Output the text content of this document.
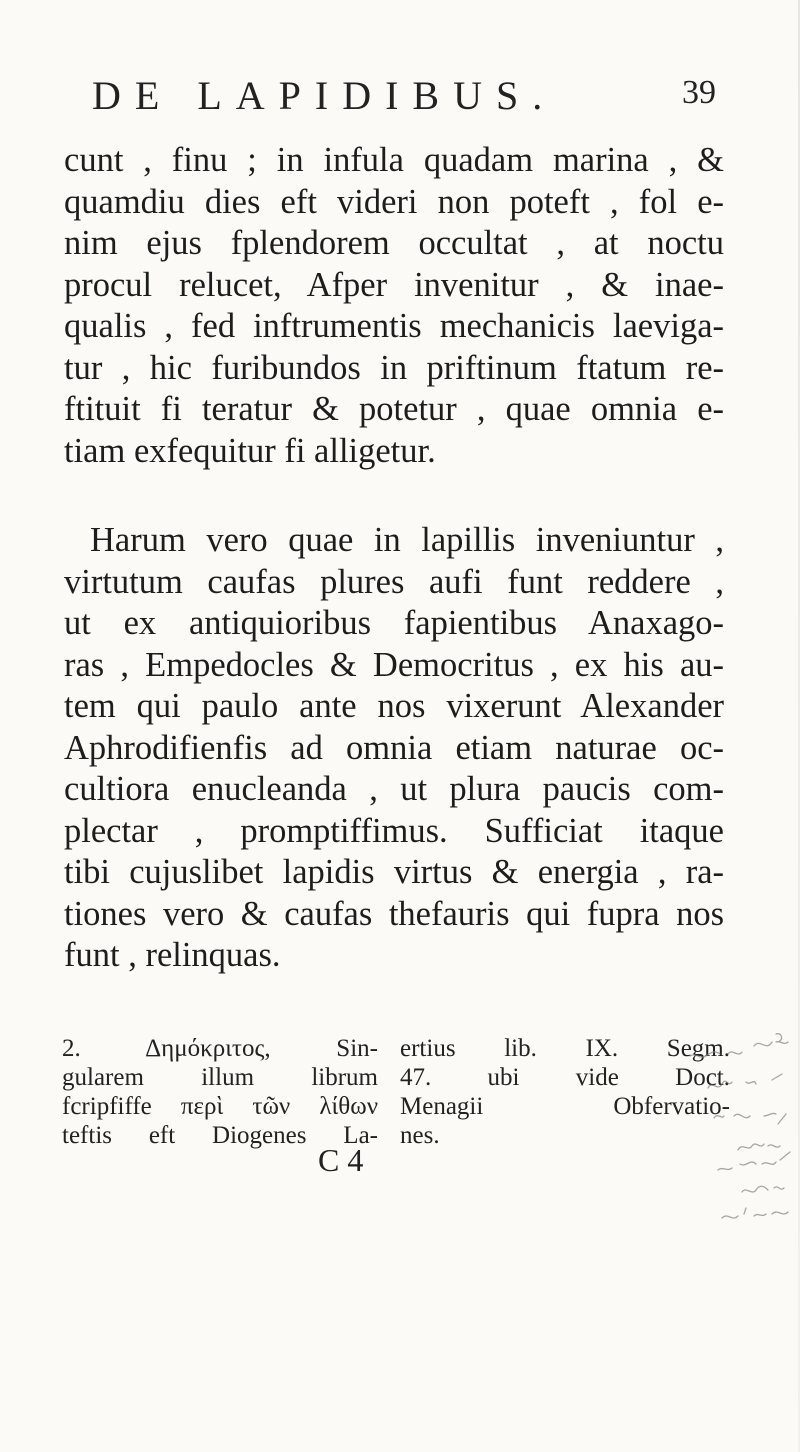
DE LAPIDIBUS.	39
cunt , finu ; in infula quadam marina , &
quamdiu dies eft videri non poteft , fol e-
nim ejus fplendorem occultat , at noctu
procul relucet, Afper invenitur , & inae-
qualis , fed inftrumentis mechanicis laeviga-
tur , hic furibundos in priftinum ftatum re-
ftituit fi teratur & potetur , quae omnia e-
tiam exfequitur fi alligetur.
Harum vero quae in lapillis inveniuntur ,
virtutum caufas plures aufi funt reddere ,
ut ex antiquioribus fapientibus Anaxago-
ras , Empedocles & Democritus , ex his au-
tem qui paulo ante nos vixerunt Alexander
Aphrodifienfis ad omnia etiam naturae oc-
cultiora enucleanda , ut plura paucis com-
plectar , promptiffimus. Sufficiat itaque
tibi cujuslibet lapidis virtus & energia , ra-
tiones vero & caufas thefauris qui fupra nos
funt , relinquas.
2. Δημόκριτος, Sin-
gularem illum librum
fcripfiffe περὶ τῶν λίθων
teftis eft Diogenes La-
ertius lib. IX. Segm.
47. ubi vide Doct.
Menagii Obfervatio-
nes.
C 4
